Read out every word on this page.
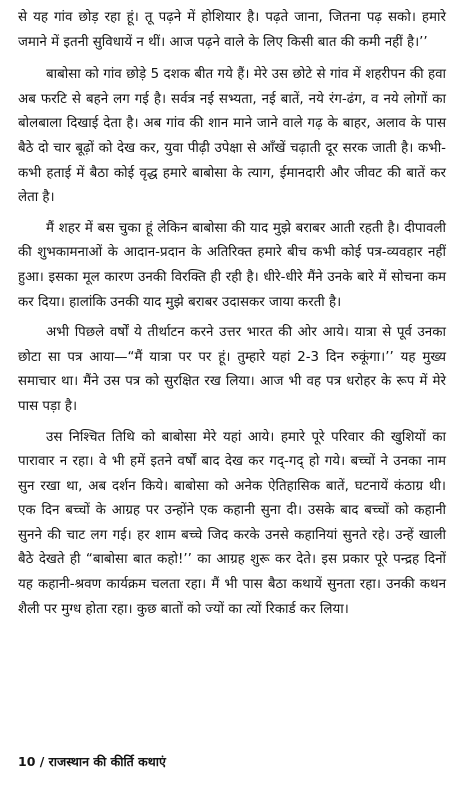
से यह गांव छोड़ रहा हूं। तू पढ़ने में होशियार है। पढ़ते जाना, जितना पढ़ सको। हमारे जमाने में इतनी सुविधायें न थीं। आज पढ़ने वाले के लिए किसी बात की कमी नहीं है।’’

बाबोसा को गांव छोड़े 5 दशक बीत गये हैं। मेरे उस छोटे से गांव में शहरीपन की हवा अब फरटि से बहने लग गई है। सर्वत्र नई सभ्यता, नई बातें, नये रंग-ढंग, व नये लोगों का बोलबाला दिखाई देता है। अब गांव की शान माने जाने वाले गढ़ के बाहर, अलाव के पास बैठे दो चार बूढ़ों को देख कर, युवा पीढ़ी उपेक्षा से आँखें चढ़ाती दूर सरक जाती है। कभी-कभी हताई में बैठा कोई वृद्ध हमारे बाबोसा के त्याग, ईमानदारी और जीवट की बातें कर लेता है।

मैं शहर में बस चुका हूं लेकिन बाबोसा की याद मुझे बराबर आती रहती है। दीपावली की शुभकामनाओं के आदान-प्रदान के अतिरिक्त हमारे बीच कभी कोई पत्र-व्यवहार नहीं हुआ। इसका मूल कारण उनकी विरक्ति ही रही है। धीरे-धीरे मैंने उनके बारे में सोचना कम कर दिया। हालांकि उनकी याद मुझे बराबर उदासकर जाया करती है।

अभी पिछले वर्षों ये तीर्थाटन करने उत्तर भारत की ओर आये। यात्रा से पूर्व उनका छोटा सा पत्र आया—“मैं यात्रा पर पर हूं। तुम्हारे यहां 2-3 दिन रुकूंगा।’’ यह मुख्य समाचार था। मैंने उस पत्र को सुरक्षित रख लिया। आज भी वह पत्र धरोहर के रूप में मेरे पास पड़ा है।

उस निश्चित तिथि को बाबोसा मेरे यहां आये। हमारे पूरे परिवार की खुशियों का पारावार न रहा। वे भी हमें इतने वर्षों बाद देख कर गद्-गद् हो गये। बच्चों ने उनका नाम सुन रखा था, अब दर्शन किये। बाबोसा को अनेक ऐतिहासिक बातें, घटनायें कंठाग्र थी। एक दिन बच्चों के आग्रह पर उन्होंने एक कहानी सुना दी। उसके बाद बच्चों को कहानी सुनने की चाट लग गई। हर शाम बच्चे जिद करके उनसे कहानियां सुनते रहे। उन्हें खाली बैठे देखते ही “बाबोसा बात कहो!’’ का आग्रह शुरू कर देते। इस प्रकार पूरे पन्द्रह दिनों यह कहानी-श्रवण कार्यक्रम चलता रहा। मैं भी पास बैठा कथायें सुनता रहा। उनकी कथन शैली पर मुग्ध होता रहा। कुछ बातों को ज्यों का त्यों रिकार्ड कर लिया।

10 / राजस्थान की कीर्ति कथाएं
